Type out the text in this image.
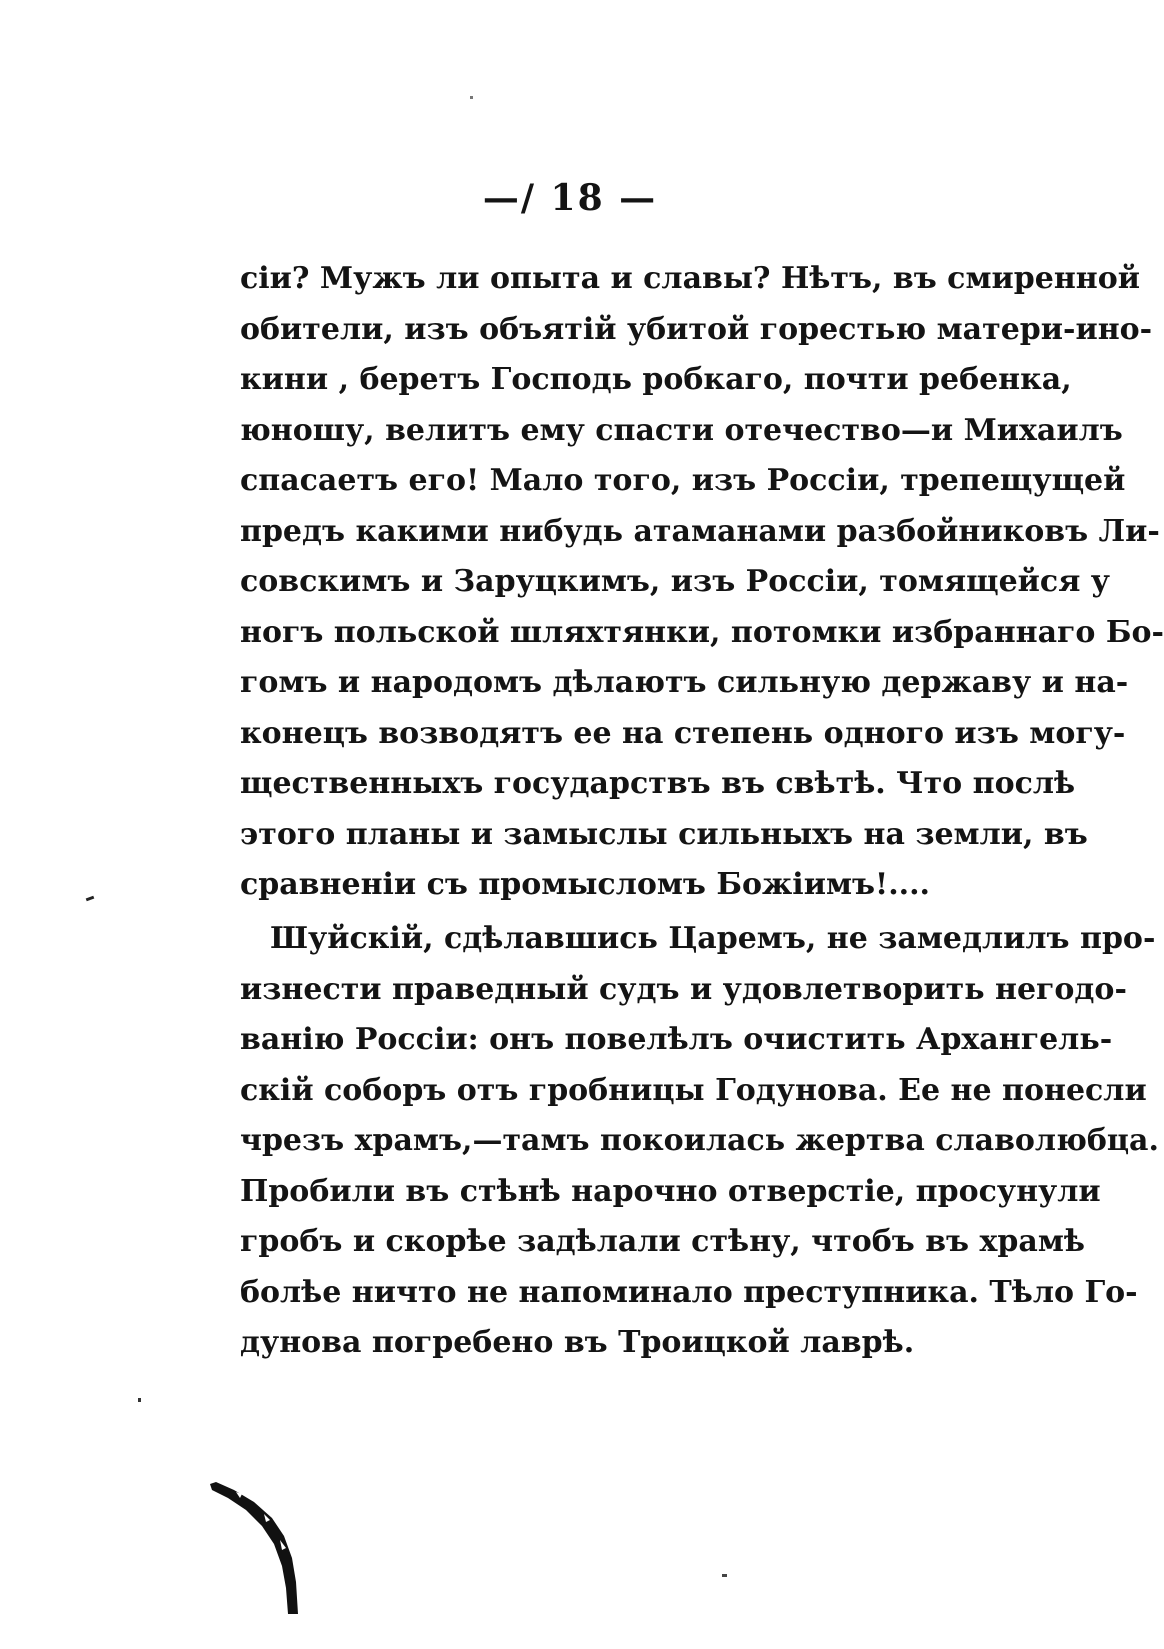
—/ 18 —
сіи? Мужъ ли опыта и славы? Нѣтъ, въ смиренной
обители, изъ объятій убитой горестью матери-ино-
кини , беретъ Господь робкаго, почти ребенка,
юношу, велитъ ему спасти отечество—и Михаилъ
спасаетъ его! Мало того, изъ Россіи, трепещущей
предъ какими нибудь атаманами разбойниковъ Ли-
совскимъ и Заруцкимъ, изъ Россіи, томящейся у
ногъ польской шляхтянки, потомки избраннаго Бо-
гомъ и народомъ дѣлаютъ сильную державу и на-
конецъ возводятъ ее на степень одного изъ могу-
щественныхъ государствъ въ свѣтѣ. Что послѣ
этого планы и замыслы сильныхъ на земли, въ
сравненіи съ промысломъ Божіимъ!....
Шуйскій, сдѣлавшись Царемъ, не замедлилъ про-
изнести праведный судъ и удовлетворить негодо-
ванію Россіи: онъ повелѣлъ очистить Архангель-
скій соборъ отъ гробницы Годунова. Ее не понесли
чрезъ храмъ,—тамъ покоилась жертва славолюбца.
Пробили въ стѣнѣ нарочно отверстіе, просунули
гробъ и скорѣе задѣлали стѣну, чтобъ въ храмѣ
болѣе ничто не напоминало преступника. Тѣло Го-
дунова погребено въ Троицкой лаврѣ.
